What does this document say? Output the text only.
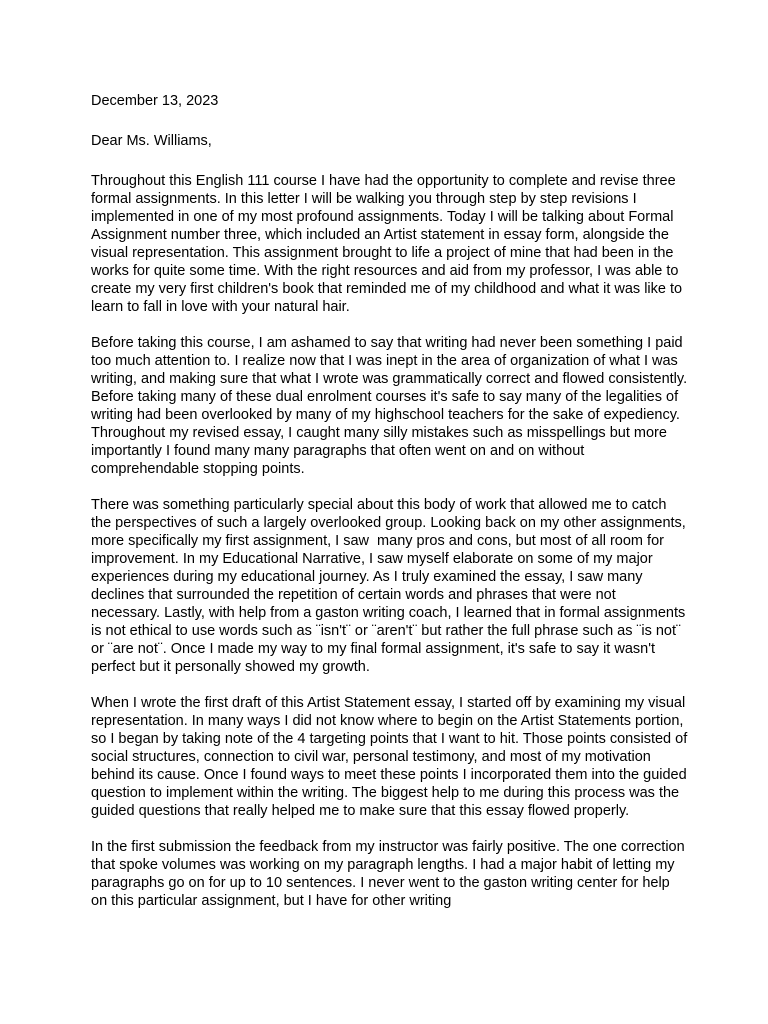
December 13, 2023

Dear Ms. Williams,

Throughout this English 111 course I have had the opportunity to complete and revise three formal assignments. In this letter I will be walking you through step by step revisions I implemented in one of my most profound assignments. Today I will be talking about Formal Assignment number three, which included an Artist statement in essay form, alongside the visual representation. This assignment brought to life a project of mine that had been in the works for quite some time. With the right resources and aid from my professor, I was able to create my very first children's book that reminded me of my childhood and what it was like to learn to fall in love with your natural hair.

Before taking this course, I am ashamed to say that writing had never been something I paid too much attention to. I realize now that I was inept in the area of organization of what I was writing, and making sure that what I wrote was grammatically correct and flowed consistently. Before taking many of these dual enrolment courses it's safe to say many of the legalities of writing had been overlooked by many of my highschool teachers for the sake of expediency. Throughout my revised essay, I caught many silly mistakes such as misspellings but more importantly I found many many paragraphs that often went on and on without comprehendable stopping points.

There was something particularly special about this body of work that allowed me to catch the perspectives of such a largely overlooked group. Looking back on my other assignments, more specifically my first assignment, I saw  many pros and cons, but most of all room for improvement. In my Educational Narrative, I saw myself elaborate on some of my major experiences during my educational journey. As I truly examined the essay, I saw many declines that surrounded the repetition of certain words and phrases that were not necessary. Lastly, with help from a gaston writing coach, I learned that in formal assignments is not ethical to use words such as ¨isn't¨ or ¨aren't¨ but rather the full phrase such as ¨is not¨ or ¨are not¨. Once I made my way to my final formal assignment, it's safe to say it wasn't perfect but it personally showed my growth.

When I wrote the first draft of this Artist Statement essay, I started off by examining my visual representation. In many ways I did not know where to begin on the Artist Statements portion, so I began by taking note of the 4 targeting points that I want to hit. Those points consisted of social structures, connection to civil war, personal testimony, and most of my motivation behind its cause. Once I found ways to meet these points I incorporated them into the guided question to implement within the writing. The biggest help to me during this process was the guided questions that really helped me to make sure that this essay flowed properly.

In the first submission the feedback from my instructor was fairly positive. The one correction that spoke volumes was working on my paragraph lengths. I had a major habit of letting my paragraphs go on for up to 10 sentences. I never went to the gaston writing center for help on this particular assignment, but I have for other writing
